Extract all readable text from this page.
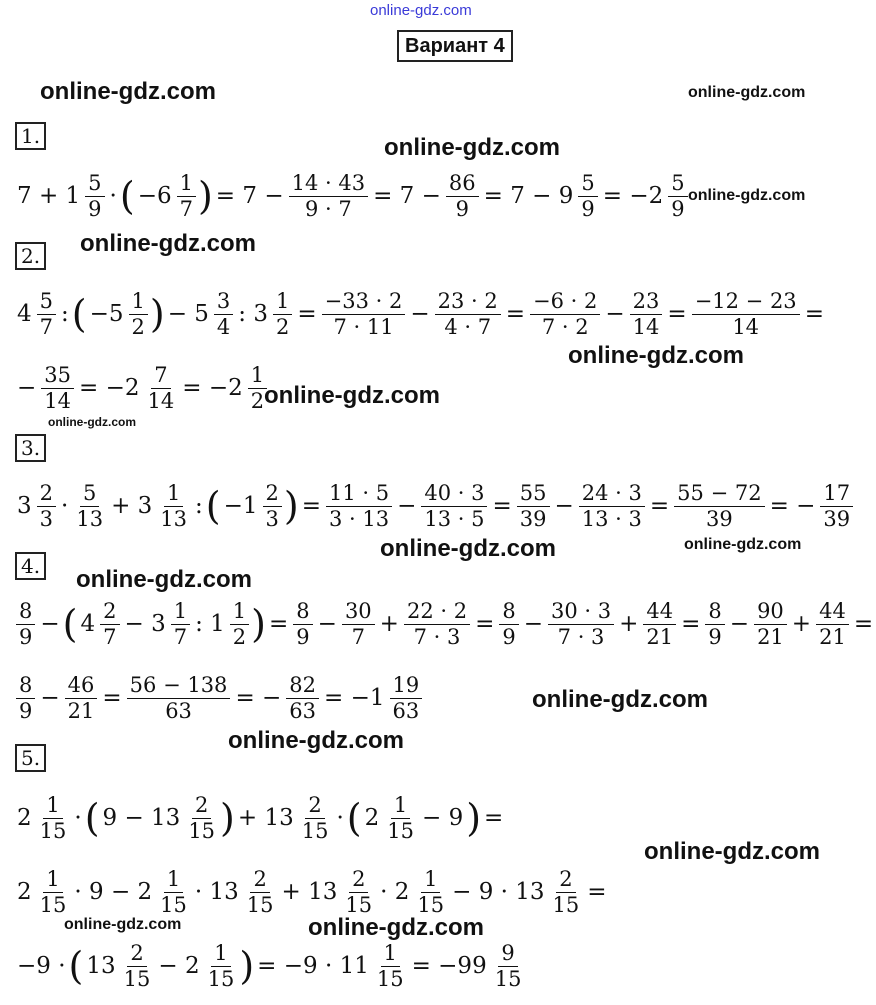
online-gdz.com
Вариант 4
online-gdz.com	online-gdz.com
online-gdz.com
online-gdz.com
online-gdz.com
online-gdz.com
online-gdz.com
online-gdz.com
online-gdz.com	online-gdz.com
online-gdz.com
online-gdz.com
online-gdz.com
online-gdz.com
online-gdz.com	online-gdz.com
1.
2.
3.
4.
5.
$7 + 1 \frac{5}{9}$ · ( $-6 \frac{1}{7}$ ) = $7 - \frac{14 \cdot 43}{9 \cdot 7} = 7 - \frac{86}{9} = 7 - 9 \frac{5}{9} = -2 \frac{5}{9}$
$4 \frac{5}{7}$ : ( $-5 \frac{1}{2}$ ) − $5 \frac{3}{4}$ : $3 \frac{1}{2} = \frac{-33 \cdot 2}{7 \cdot 11} - \frac{23 \cdot 2}{4 \cdot 7} = \frac{-6 \cdot 2}{7 \cdot 2} - \frac{23}{14} = \frac{-12 - 23}{14}$ =
− $\frac{35}{14} = -2 \frac{7}{14} = -2 \frac{1}{2}$
$3 \frac{2}{3} \cdot \frac{5}{13} + 3 \frac{1}{13}$ : ( $-1 \frac{2}{3}$ ) = $\frac{11 \cdot 5}{3 \cdot 13} - \frac{40 \cdot 3}{13 \cdot 5} = \frac{55}{39} - \frac{24 \cdot 3}{13 \cdot 3} = \frac{55 - 72}{39}$ = − $\frac{17}{39}$
$\frac{8}{9}$ − ( $4 \frac{2}{7} - 3 \frac{1}{7}$ : $1 \frac{1}{2}$ ) = $\frac{8}{9} - \frac{30}{7} + \frac{22 \cdot 2}{7 \cdot 3} = \frac{8}{9} - \frac{30 \cdot 3}{7 \cdot 3} + \frac{44}{21} = \frac{8}{9} - \frac{90}{21} + \frac{44}{21}$ =
$\frac{8}{9} - \frac{46}{21} = \frac{56 - 138}{63}$ = − $\frac{82}{63} = -1 \frac{19}{63}$
$2 \frac{1}{15}$ · ( $9 - 13 \frac{2}{15}$ ) + $13 \frac{2}{15}$ · ( $2 \frac{1}{15} - 9$ ) =
$2 \frac{1}{15} \cdot 9 - 2 \frac{1}{15} \cdot 13 \frac{2}{15} + 13 \frac{2}{15} \cdot 2 \frac{1}{15} - 9 \cdot 13 \frac{2}{15}$ =
−9 · ( $13 \frac{2}{15} - 2 \frac{1}{15}$ ) = $-9 \cdot 11 \frac{1}{15} = -99 \frac{9}{15}$
